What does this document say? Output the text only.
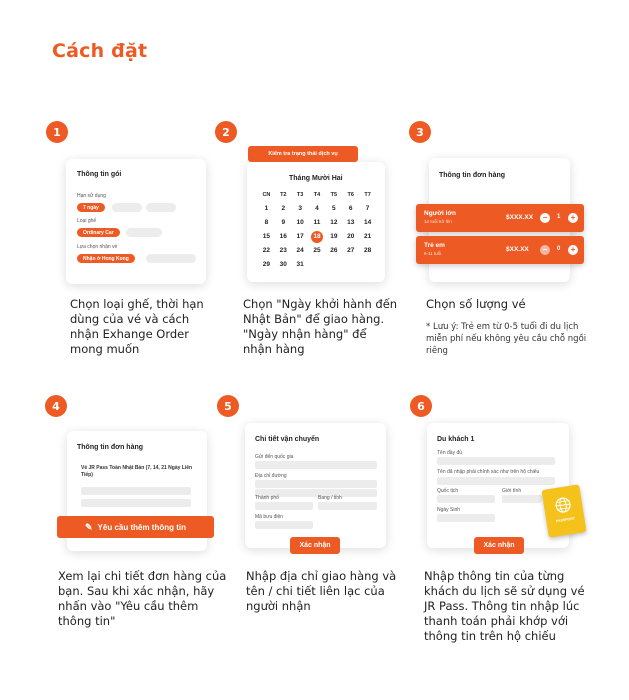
Cách đặt
1
Thông tin gói
Hạn sử dụng
7 ngày
Loại ghế
Ordinary Car
Lựa chọn nhận vé
Nhận ở Hong Kong
Chọn loại ghế, thời hạn dùng của vé và cách nhận Exhange Order mong muốn
2
Kiểm tra trạng thái dịch vụ
Tháng Mười Hai
CN	T2	T3	T4	T5	T6	T7
1	2	3	4	5	6	7
8	9	10	11	12	13	14
15	16	17	18	19	20	21
22	23	24	25	26	27	28
29	30	31
Chọn "Ngày khởi hành đến Nhật Bản" để giao hàng. "Ngày nhận hàng" để nhận hàng
3
Thông tin đơn hàng
Người lớn
12 tuổi trở lên
$XXX.XX	−	1	+
Trẻ em
6-11 tuổi
$XX.XX	−	0	+
Chọn số lượng vé
* Lưu ý: Trẻ em từ 0-5 tuổi đi du lịch miễn phí nếu không yêu cầu chỗ ngồi riêng
4
Thông tin đơn hàng
Vé JR Pass Toàn Nhật Bản (7, 14, 21 Ngày Liên Tiếp)
✎ Yêu cầu thêm thông tin
Xem lại chi tiết đơn hàng của bạn. Sau khi xác nhận, hãy nhấn vào "Yêu cầu thêm thông tin"
5
Chi tiết vận chuyển
Gửi đến quốc gia
Địa chỉ đường
Thành phố	Bang / tỉnh
Mã bưu điện
Xác nhận
Nhập địa chỉ giao hàng và tên / chi tiết liên lạc của người nhận
6
Du khách 1
Tên đầy đủ
Tên đã nhập phải chính xác như trên hộ chiếu
Quốc tịch	Giới tính
Ngày Sinh
PASSPORT
Xác nhận
Nhập thông tin của từng khách du lịch sẽ sử dụng vé JR Pass. Thông tin nhập lúc thanh toán phải khớp với thông tin trên hộ chiếu
